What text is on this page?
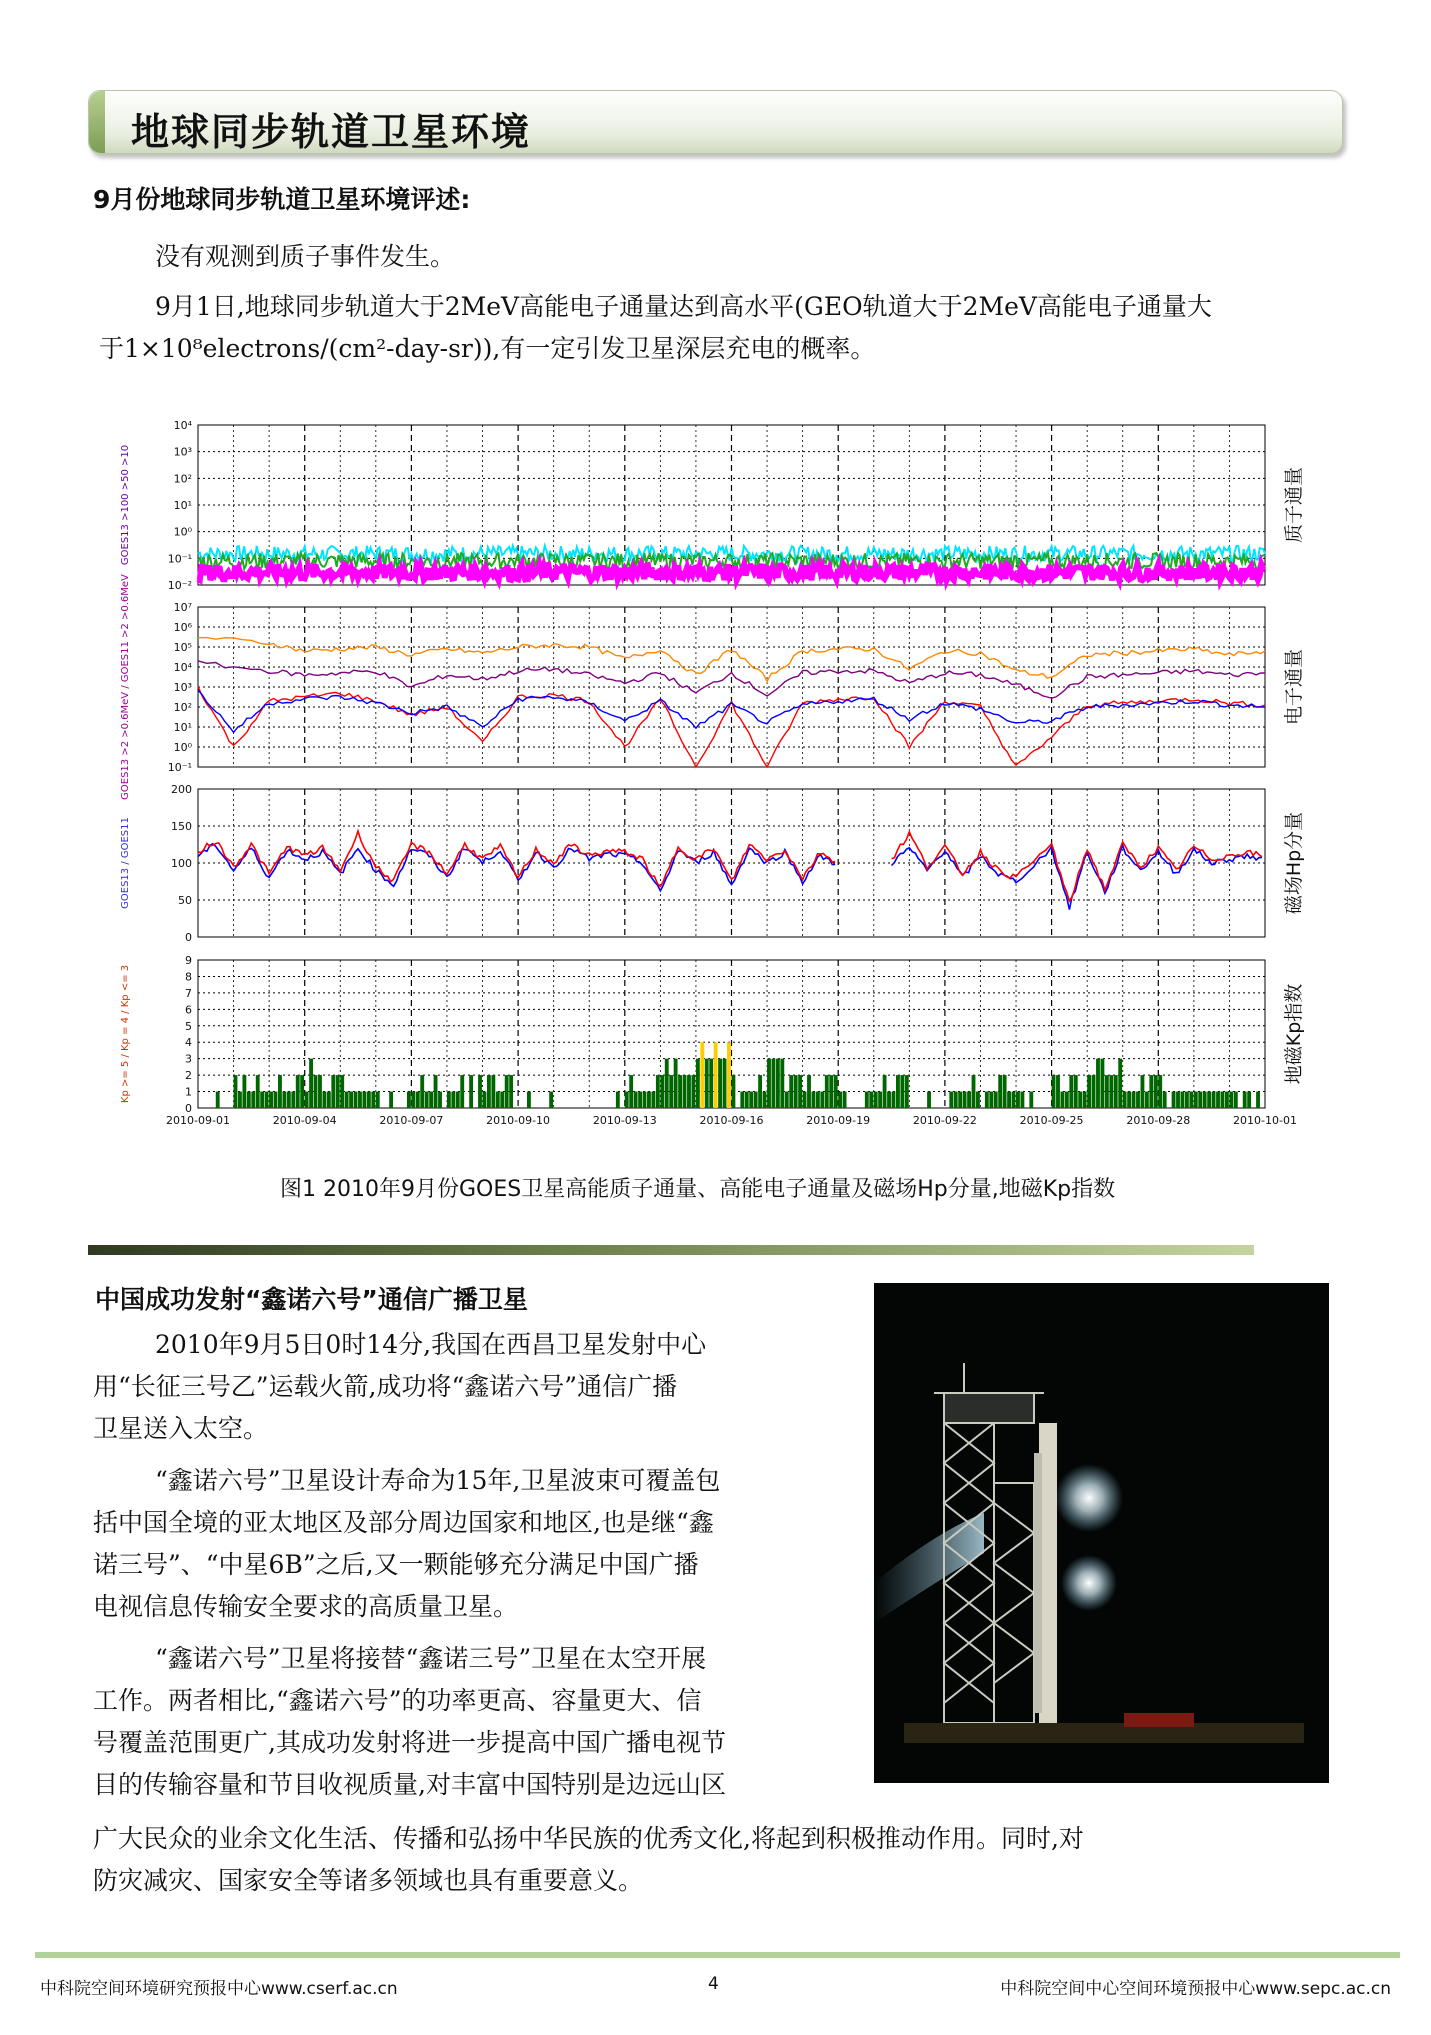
地球同步轨道卫星环境
9月份地球同步轨道卫星环境评述:
没有观测到质子事件发生。
9月1日,地球同步轨道大于2MeV高能电子通量达到高水平(GEO轨道大于2MeV高能电子通量大
于1×10⁸electrons/(cm²-day-sr)),有一定引发卫星深层充电的概率。
10⁻²
10⁻¹
10⁰
10¹
10²
10³
10⁴
质子通量
GOES13 >100 >50 >10
10⁻¹
10⁰
10¹
10²
10³
10⁴
10⁵
10⁶
10⁷
电子通量
GOES13 >2 >0.6MeV / GOES11 >2 >0.6MeV
0
50
100
150
200
磁场Hp分量
GOES13 / GOES11
0
1
2
3
4
5
6
7
8
9
地磁Kp指数
Kp >= 5 / Kp = 4 / Kp <= 3
2010-09-01	2010-09-04	2010-09-07	2010-09-10	2010-09-13	2010-09-16	2010-09-19	2010-09-22	2010-09-25	2010-09-28	2010-10-01
图1 2010年9月份GOES卫星高能质子通量、高能电子通量及磁场Hp分量,地磁Kp指数
中国成功发射“鑫诺六号”通信广播卫星
2010年9月5日0时14分,我国在西昌卫星发射中心
用“长征三号乙”运载火箭,成功将“鑫诺六号”通信广播
卫星送入太空。
“鑫诺六号”卫星设计寿命为15年,卫星波束可覆盖包
括中国全境的亚太地区及部分周边国家和地区,也是继“鑫
诺三号”、“中星6B”之后,又一颗能够充分满足中国广播
电视信息传输安全要求的高质量卫星。
“鑫诺六号”卫星将接替“鑫诺三号”卫星在太空开展
工作。两者相比,“鑫诺六号”的功率更高、容量更大、信
号覆盖范围更广,其成功发射将进一步提高中国广播电视节
目的传输容量和节目收视质量,对丰富中国特别是边远山区
广大民众的业余文化生活、传播和弘扬中华民族的优秀文化,将起到积极推动作用。同时,对
防灾减灾、国家安全等诸多领域也具有重要意义。
中科院空间环境研究预报中心www.cserf.ac.cn	4	中科院空间中心空间环境预报中心www.sepc.ac.cn
